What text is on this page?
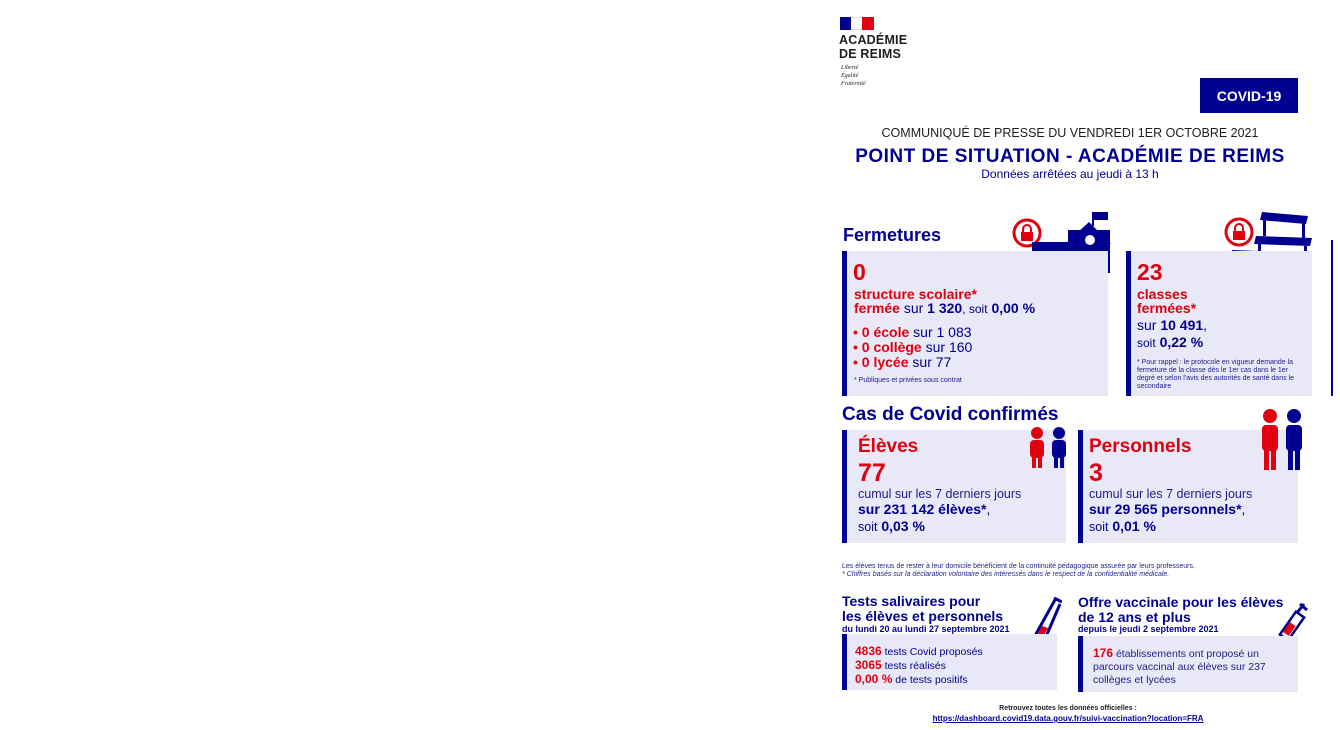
ACADÉMIE
DE REIMS
Liberté
Égalité
Fraternité
COVID-19
COMMUNIQUÉ DE PRESSE DU VENDREDI 1ER OCTOBRE 2021
POINT DE SITUATION - ACADÉMIE DE REIMS
Données arrêtées au jeudi à 13 h
Fermetures
0
structure scolaire*
fermée sur 1 320, soit 0,00 %
• 0 école sur 1 083
• 0 collège sur 160
• 0 lycée sur 77
* Publiques et privées sous contrat
23
classes
fermées*
sur 10 491,
soit 0,22 %
* Pour rappel : le protocole en vigueur demande la fermeture de la classe dès le 1er cas dans le 1er degré et selon l'avis des autorités de santé dans le secondaire
Cas de Covid confirmés
Élèves
77
cumul sur les 7 derniers jours
sur 231 142 élèves*,
soit 0,03 %
Personnels
3
cumul sur les 7 derniers jours
sur 29 565 personnels*,
soit 0,01 %
Les élèves tenus de rester à leur domicile bénéficient de la continuité pédagogique assurée par leurs professeurs.
* Chiffres basés sur la déclaration volontaire des intéressés dans le respect de la confidentialité médicale.
Tests salivaires pour
les élèves et personnels
du lundi 20 au lundi 27 septembre 2021
4836 tests Covid proposés
3065 tests réalisés
0,00 % de tests positifs
Offre vaccinale pour les élèves
de 12 ans et plus
depuis le jeudi 2 septembre 2021
176 établissements ont proposé un
parcours vaccinal aux élèves sur 237
collèges et lycées
Retrouvez toutes les données officielles :
https://dashboard.covid19.data.gouv.fr/suivi-vaccination?location=FRA
